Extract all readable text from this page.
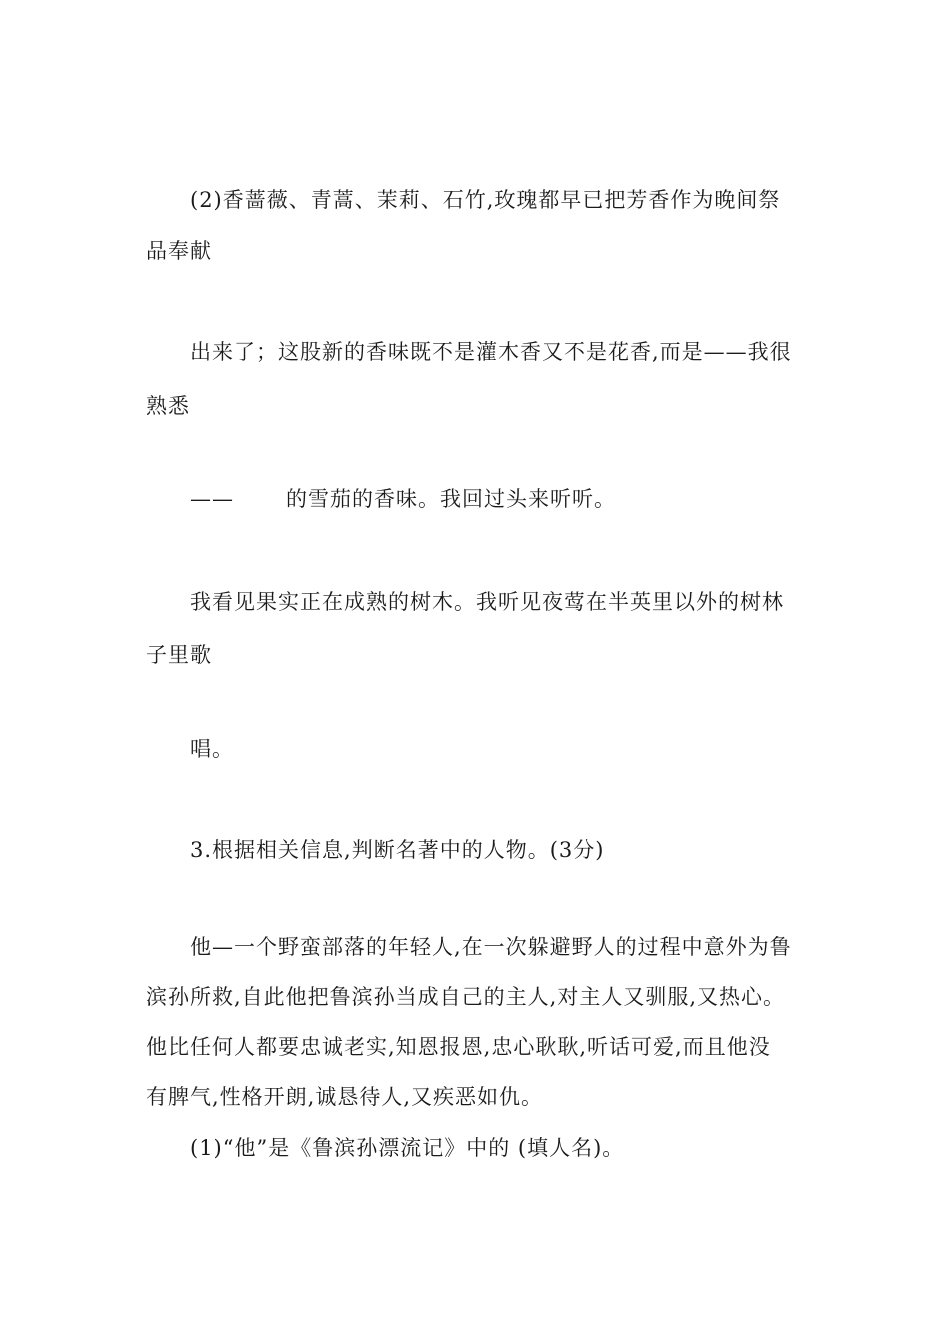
(2)香蔷薇、青蒿、茉莉、石竹,玫瑰都早已把芳香作为晚间祭
品奉献
出来了；这股新的香味既不是灌木香又不是花香,而是——我很
熟悉
—— 的雪茄的香味。我回过头来听听。
我看见果实正在成熟的树木。我听见夜莺在半英里以外的树林
子里歌
唱。
3.根据相关信息,判断名著中的人物。(3分)
他—一个野蛮部落的年轻人,在一次躲避野人的过程中意外为鲁
滨孙所救,自此他把鲁滨孙当成自己的主人,对主人又驯服,又热心。
他比任何人都要忠诚老实,知恩报恩,忠心耿耿,听话可爱,而且他没
有脾气,性格开朗,诚恳待人,又疾恶如仇。
(1)“他”是《鲁滨孙漂流记》中的 (填人名)。
